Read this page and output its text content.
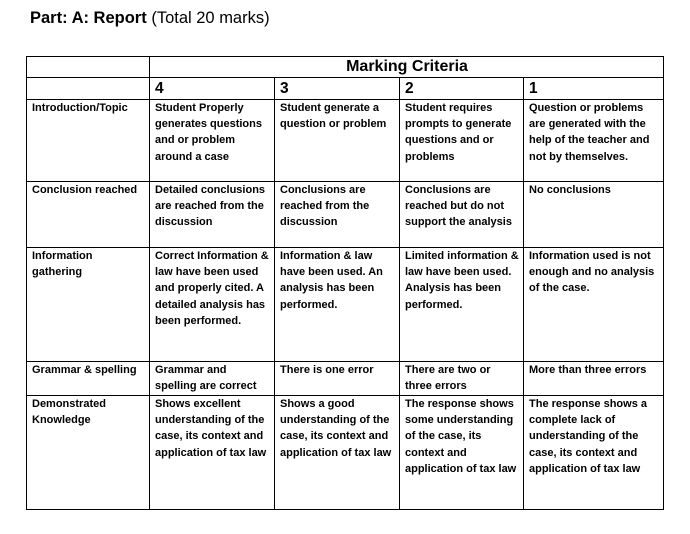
Part: A: Report (Total 20 marks)
	Marking Criteria			
	4	3	2	1
Introduction/Topic	Student Properly generates questions and or problem around a case	Student generate a question or problem	Student requires prompts to generate questions and or problems	Question or problems are generated with the help of the teacher and not by themselves.
Conclusion reached	Detailed conclusions are reached from the discussion	Conclusions are reached from the discussion	Conclusions are reached but do not support the analysis	No conclusions
Information gathering	Correct Information & law have been used and properly cited. A detailed analysis has been performed.	Information & law have been used. An analysis has been performed.	Limited information & law have been used. Analysis has been performed.	Information used is not enough and no analysis of the case.
Grammar & spelling	Grammar and spelling are correct	There is one error	There are two or three errors	More than three errors
Demonstrated Knowledge	Shows excellent understanding of the case, its context and application of tax law	Shows a good understanding of the case, its context and application of tax law	The response shows some understanding of the case, its context and application of tax law	The response shows a complete lack of understanding of the case, its context and application of tax law
